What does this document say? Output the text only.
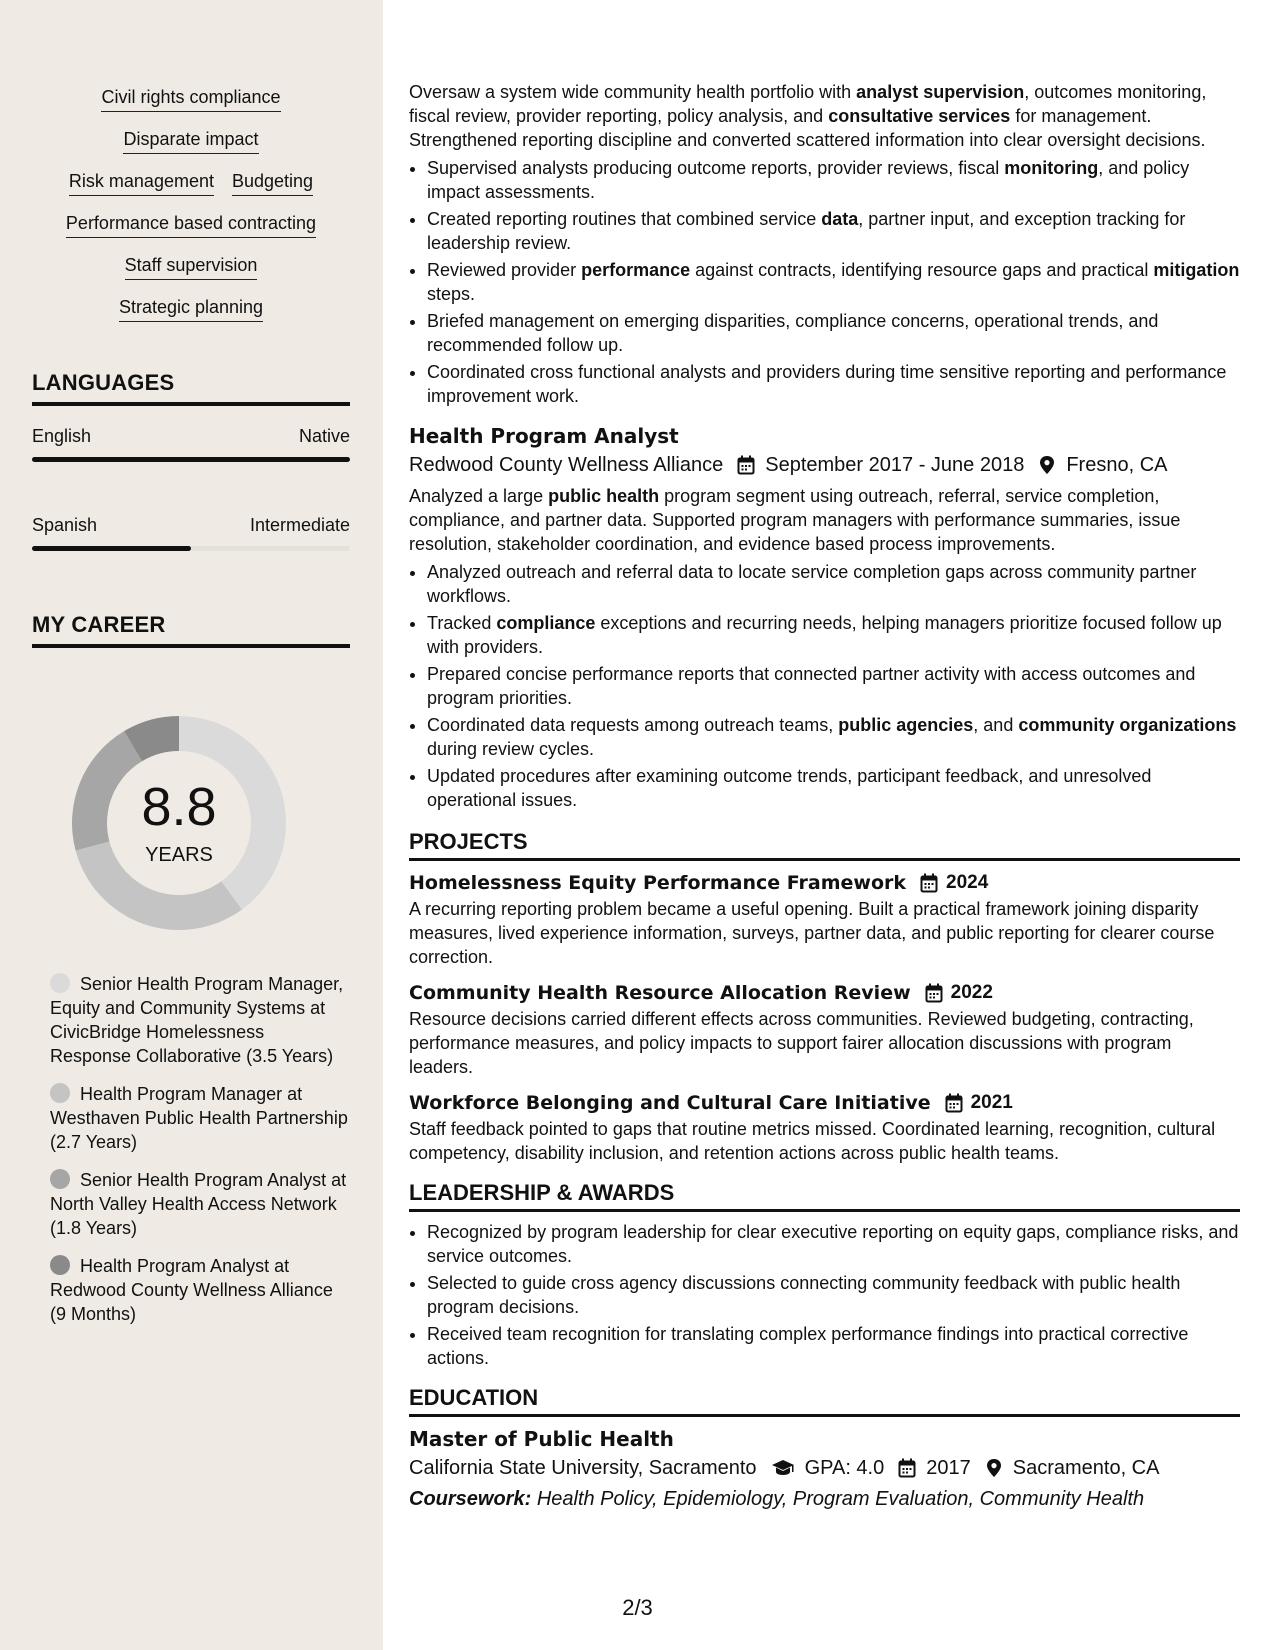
Civil rights compliance
Disparate impact
Risk management Budgeting
Performance based contracting
Staff supervision
Strategic planning
LANGUAGES
English	Native
Spanish	Intermediate
MY CAREER
8.8
YEARS
Senior Health Program Manager, Equity and Community Systems at CivicBridge Homelessness Response Collaborative (3.5 Years)
Health Program Manager at Westhaven Public Health Partnership (2.7 Years)
Senior Health Program Analyst at North Valley Health Access Network (1.8 Years)
Health Program Analyst at Redwood County Wellness Alliance (9 Months)

Oversaw a system wide community health portfolio with analyst supervision, outcomes monitoring, fiscal review, provider reporting, policy analysis, and consultative services for management. Strengthened reporting discipline and converted scattered information into clear oversight decisions.

• Supervised analysts producing outcome reports, provider reviews, fiscal monitoring, and policy impact assessments.
• Created reporting routines that combined service data, partner input, and exception tracking for leadership review.
• Reviewed provider performance against contracts, identifying resource gaps and practical mitigation steps.
• Briefed management on emerging disparities, compliance concerns, operational trends, and recommended follow up.
• Coordinated cross functional analysts and providers during time sensitive reporting and performance improvement work.
Health Program Analyst
Redwood County Wellness Alliance September 2017 - June 2018 Fresno, CA

Analyzed a large public health program segment using outreach, referral, service completion, compliance, and partner data. Supported program managers with performance summaries, issue resolution, stakeholder coordination, and evidence based process improvements.

• Analyzed outreach and referral data to locate service completion gaps across community partner workflows.
• Tracked compliance exceptions and recurring needs, helping managers prioritize focused follow up with providers.
• Prepared concise performance reports that connected partner activity with access outcomes and program priorities.
• Coordinated data requests among outreach teams, public agencies, and community organizations during review cycles.
• Updated procedures after examining outcome trends, participant feedback, and unresolved operational issues.
PROJECTS
Homelessness Equity Performance Framework 2024

A recurring reporting problem became a useful opening. Built a practical framework joining disparity measures, lived experience information, surveys, partner data, and public reporting for clearer course correction.

Community Health Resource Allocation Review 2022

Resource decisions carried different effects across communities. Reviewed budgeting, contracting, performance measures, and policy impacts to support fairer allocation discussions with program leaders.

Workforce Belonging and Cultural Care Initiative 2021

Staff feedback pointed to gaps that routine metrics missed. Coordinated learning, recognition, cultural competency, disability inclusion, and retention actions across public health teams.

LEADERSHIP & AWARDS
• Recognized by program leadership for clear executive reporting on equity gaps, compliance risks, and service outcomes.
• Selected to guide cross agency discussions connecting community feedback with public health program decisions.
• Received team recognition for translating complex performance findings into practical corrective actions.
EDUCATION
Master of Public Health
California State University, Sacramento GPA: 4.0 2017 Sacramento, CA
Coursework: Health Policy, Epidemiology, Program Evaluation, Community Health
2/3
